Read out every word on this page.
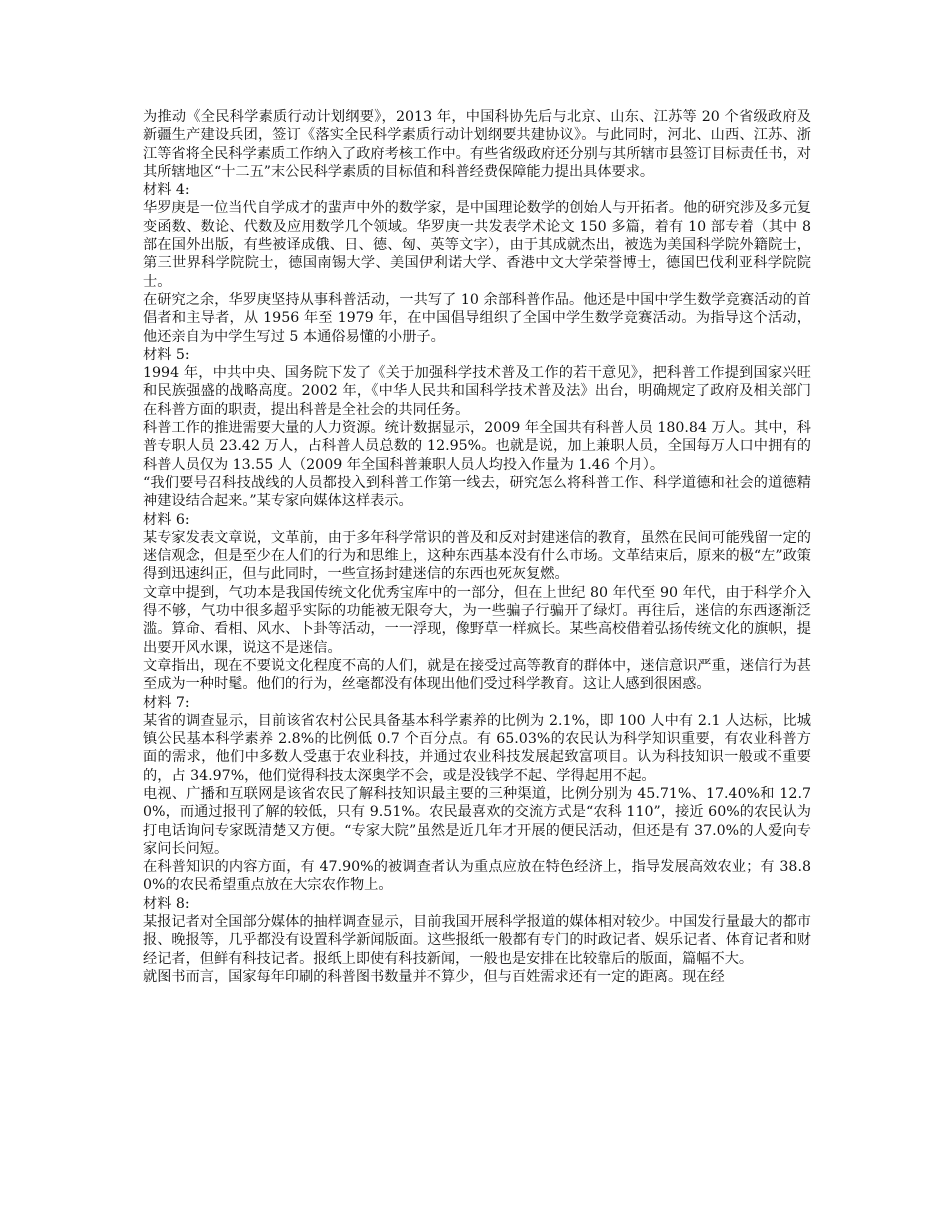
为推动《全民科学素质行动计划纲要》，2013 年，中国科协先后与北京、山东、江苏等 20 个省级政府及新疆生产建设兵团，签订《落实全民科学素质行动计划纲要共建协议》。与此同时，河北、山西、江苏、浙江等省将全民科学素质工作纳入了政府考核工作中。有些省级政府还分别与其所辖市县签订目标责任书，对其所辖地区“十二五”末公民科学素质的目标值和科普经费保障能力提出具体要求。
材料 4:
华罗庚是一位当代自学成才的蜚声中外的数学家，是中国理论数学的创始人与开拓者。他的研究涉及多元复变函数、数论、代数及应用数学几个领域。华罗庚一共发表学术论文 150 多篇，着有 10 部专着（其中 8 部在国外出版，有些被译成俄、日、德、匈、英等文字），由于其成就杰出，被选为美国科学院外籍院士，第三世界科学院院士，德国南锡大学、美国伊利诺大学、香港中文大学荣誉博士，德国巴伐利亚科学院院士。
在研究之余，华罗庚坚持从事科普活动，一共写了 10 余部科普作品。他还是中国中学生数学竞赛活动的首倡者和主导者，从 1956 年至 1979 年，在中国倡导组织了全国中学生数学竞赛活动。为指导这个活动，他还亲自为中学生写过 5 本通俗易懂的小册子。
材料 5:
1994 年，中共中央、国务院下发了《关于加强科学技术普及工作的若干意见》，把科普工作提到国家兴旺和民族强盛的战略高度。2002 年，《中华人民共和国科学技术普及法》出台，明确规定了政府及相关部门在科普方面的职责，提出科普是全社会的共同任务。
科普工作的推进需要大量的人力资源。统计数据显示，2009 年全国共有科普人员 180.84 万人。其中，科普专职人员 23.42 万人，占科普人员总数的 12.95%。也就是说，加上兼职人员，全国每万人口中拥有的科普人员仅为 13.55 人（2009 年全国科普兼职人员人均投入作量为 1.46 个月）。
“我们要号召科技战线的人员都投入到科普工作第一线去，研究怎么将科普工作、科学道德和社会的道德精神建设结合起来。”某专家向媒体这样表示。
材料 6:
某专家发表文章说，文革前，由于多年科学常识的普及和反对封建迷信的教育，虽然在民间可能残留一定的迷信观念，但是至少在人们的行为和思维上，这种东西基本没有什么市场。文革结束后，原来的极“左”政策得到迅速纠正，但与此同时，一些宣扬封建迷信的东西也死灰复燃。
文章中提到，气功本是我国传统文化优秀宝库中的一部分，但在上世纪 80 年代至 90 年代，由于科学介入得不够，气功中很多超乎实际的功能被无限夸大，为一些骗子行骗开了绿灯。再往后，迷信的东西逐渐泛滥。算命、看相、风水、卜卦等活动，一一浮现，像野草一样疯长。某些高校借着弘扬传统文化的旗帜，提出要开风水课，说这不是迷信。
文章指出，现在不要说文化程度不高的人们，就是在接受过高等教育的群体中，迷信意识严重，迷信行为甚至成为一种时髦。他们的行为，丝毫都没有体现出他们受过科学教育。这让人感到很困惑。
材料 7:
某省的调查显示，目前该省农村公民具备基本科学素养的比例为 2.1%，即 100 人中有 2.1 人达标，比城镇公民基本科学素养 2.8%的比例低 0.7 个百分点。有 65.03%的农民认为科学知识重要，有农业科普方面的需求，他们中多数人受惠于农业科技，并通过农业科技发展起致富项目。认为科技知识一般或不重要的，占 34.97%，他们觉得科技太深奥学不会，或是没钱学不起、学得起用不起。
电视、广播和互联网是该省农民了解科技知识最主要的三种渠道，比例分别为 45.71%、17.40%和 12.70%，而通过报刊了解的较低，只有 9.51%。农民最喜欢的交流方式是“农科 110”，接近 60%的农民认为打电话询问专家既清楚又方便。“专家大院”虽然是近几年才开展的便民活动，但还是有 37.0%的人爱向专家问长问短。
在科普知识的内容方面，有 47.90%的被调查者认为重点应放在特色经济上，指导发展高效农业；有 38.80%的农民希望重点放在大宗农作物上。
材料 8:
某报记者对全国部分媒体的抽样调查显示，目前我国开展科学报道的媒体相对较少。中国发行量最大的都市报、晚报等，几乎都没有设置科学新闻版面。这些报纸一般都有专门的时政记者、娱乐记者、体育记者和财经记者，但鲜有科技记者。报纸上即使有科技新闻，一般也是安排在比较靠后的版面，篇幅不大。
就图书而言，国家每年印刷的科普图书数量并不算少，但与百姓需求还有一定的距离。现在经
